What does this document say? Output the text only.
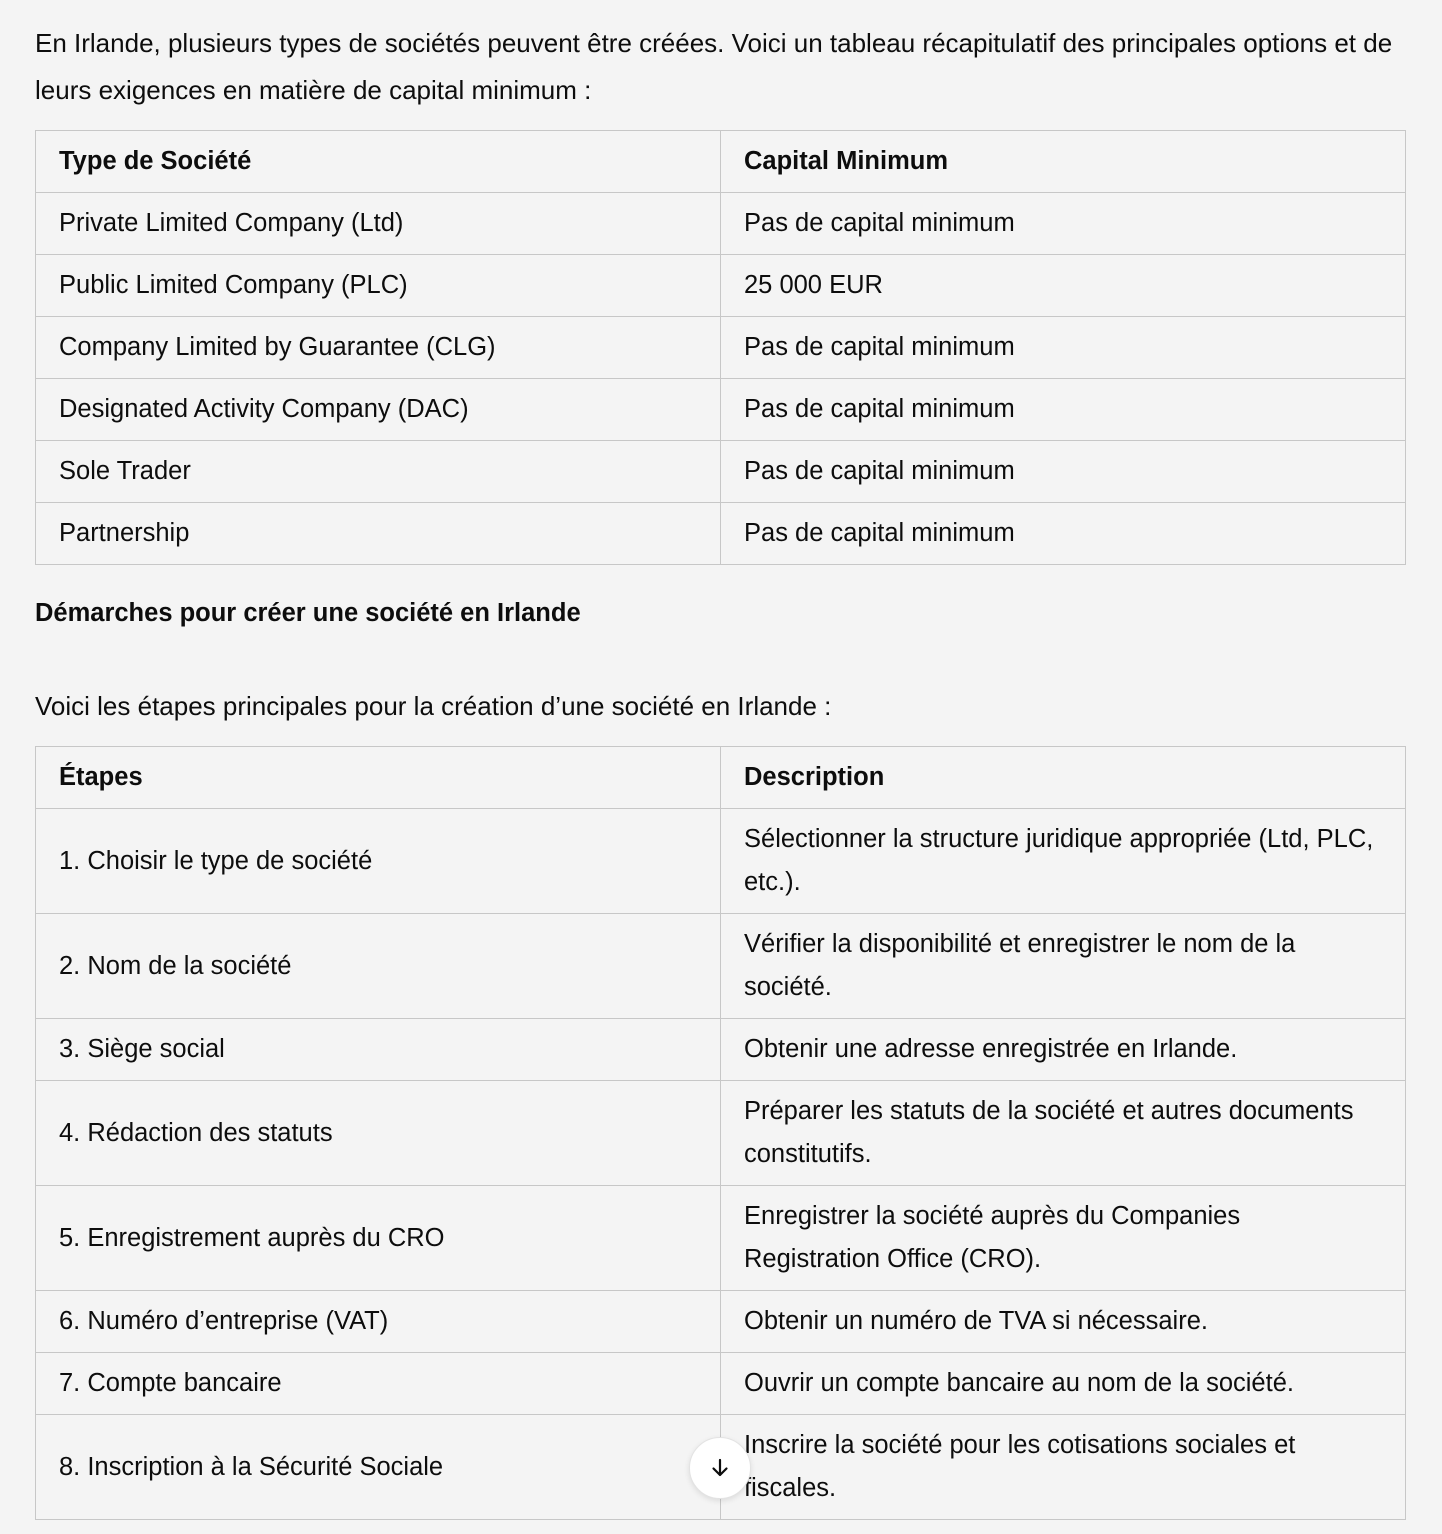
En Irlande, plusieurs types de sociétés peuvent être créées. Voici un tableau récapitulatif des principales options et de leurs exigences en matière de capital minimum :

Type de Société	Capital Minimum
Private Limited Company (Ltd)	Pas de capital minimum
Public Limited Company (PLC)	25 000 EUR
Company Limited by Guarantee (CLG)	Pas de capital minimum
Designated Activity Company (DAC)	Pas de capital minimum
Sole Trader	Pas de capital minimum
Partnership	Pas de capital minimum

Démarches pour créer une société en Irlande

Voici les étapes principales pour la création d’une société en Irlande :

Étapes	Description
1. Choisir le type de société	Sélectionner la structure juridique appropriée (Ltd, PLC, etc.).
2. Nom de la société	Vérifier la disponibilité et enregistrer le nom de la société.
3. Siège social	Obtenir une adresse enregistrée en Irlande.
4. Rédaction des statuts	Préparer les statuts de la société et autres documents constitutifs.
5. Enregistrement auprès du CRO	Enregistrer la société auprès du Companies Registration Office (CRO).
6. Numéro d’entreprise (VAT)	Obtenir un numéro de TVA si nécessaire.
7. Compte bancaire	Ouvrir un compte bancaire au nom de la société.
8. Inscription à la Sécurité Sociale	Inscrire la société pour les cotisations sociales et fiscales.
